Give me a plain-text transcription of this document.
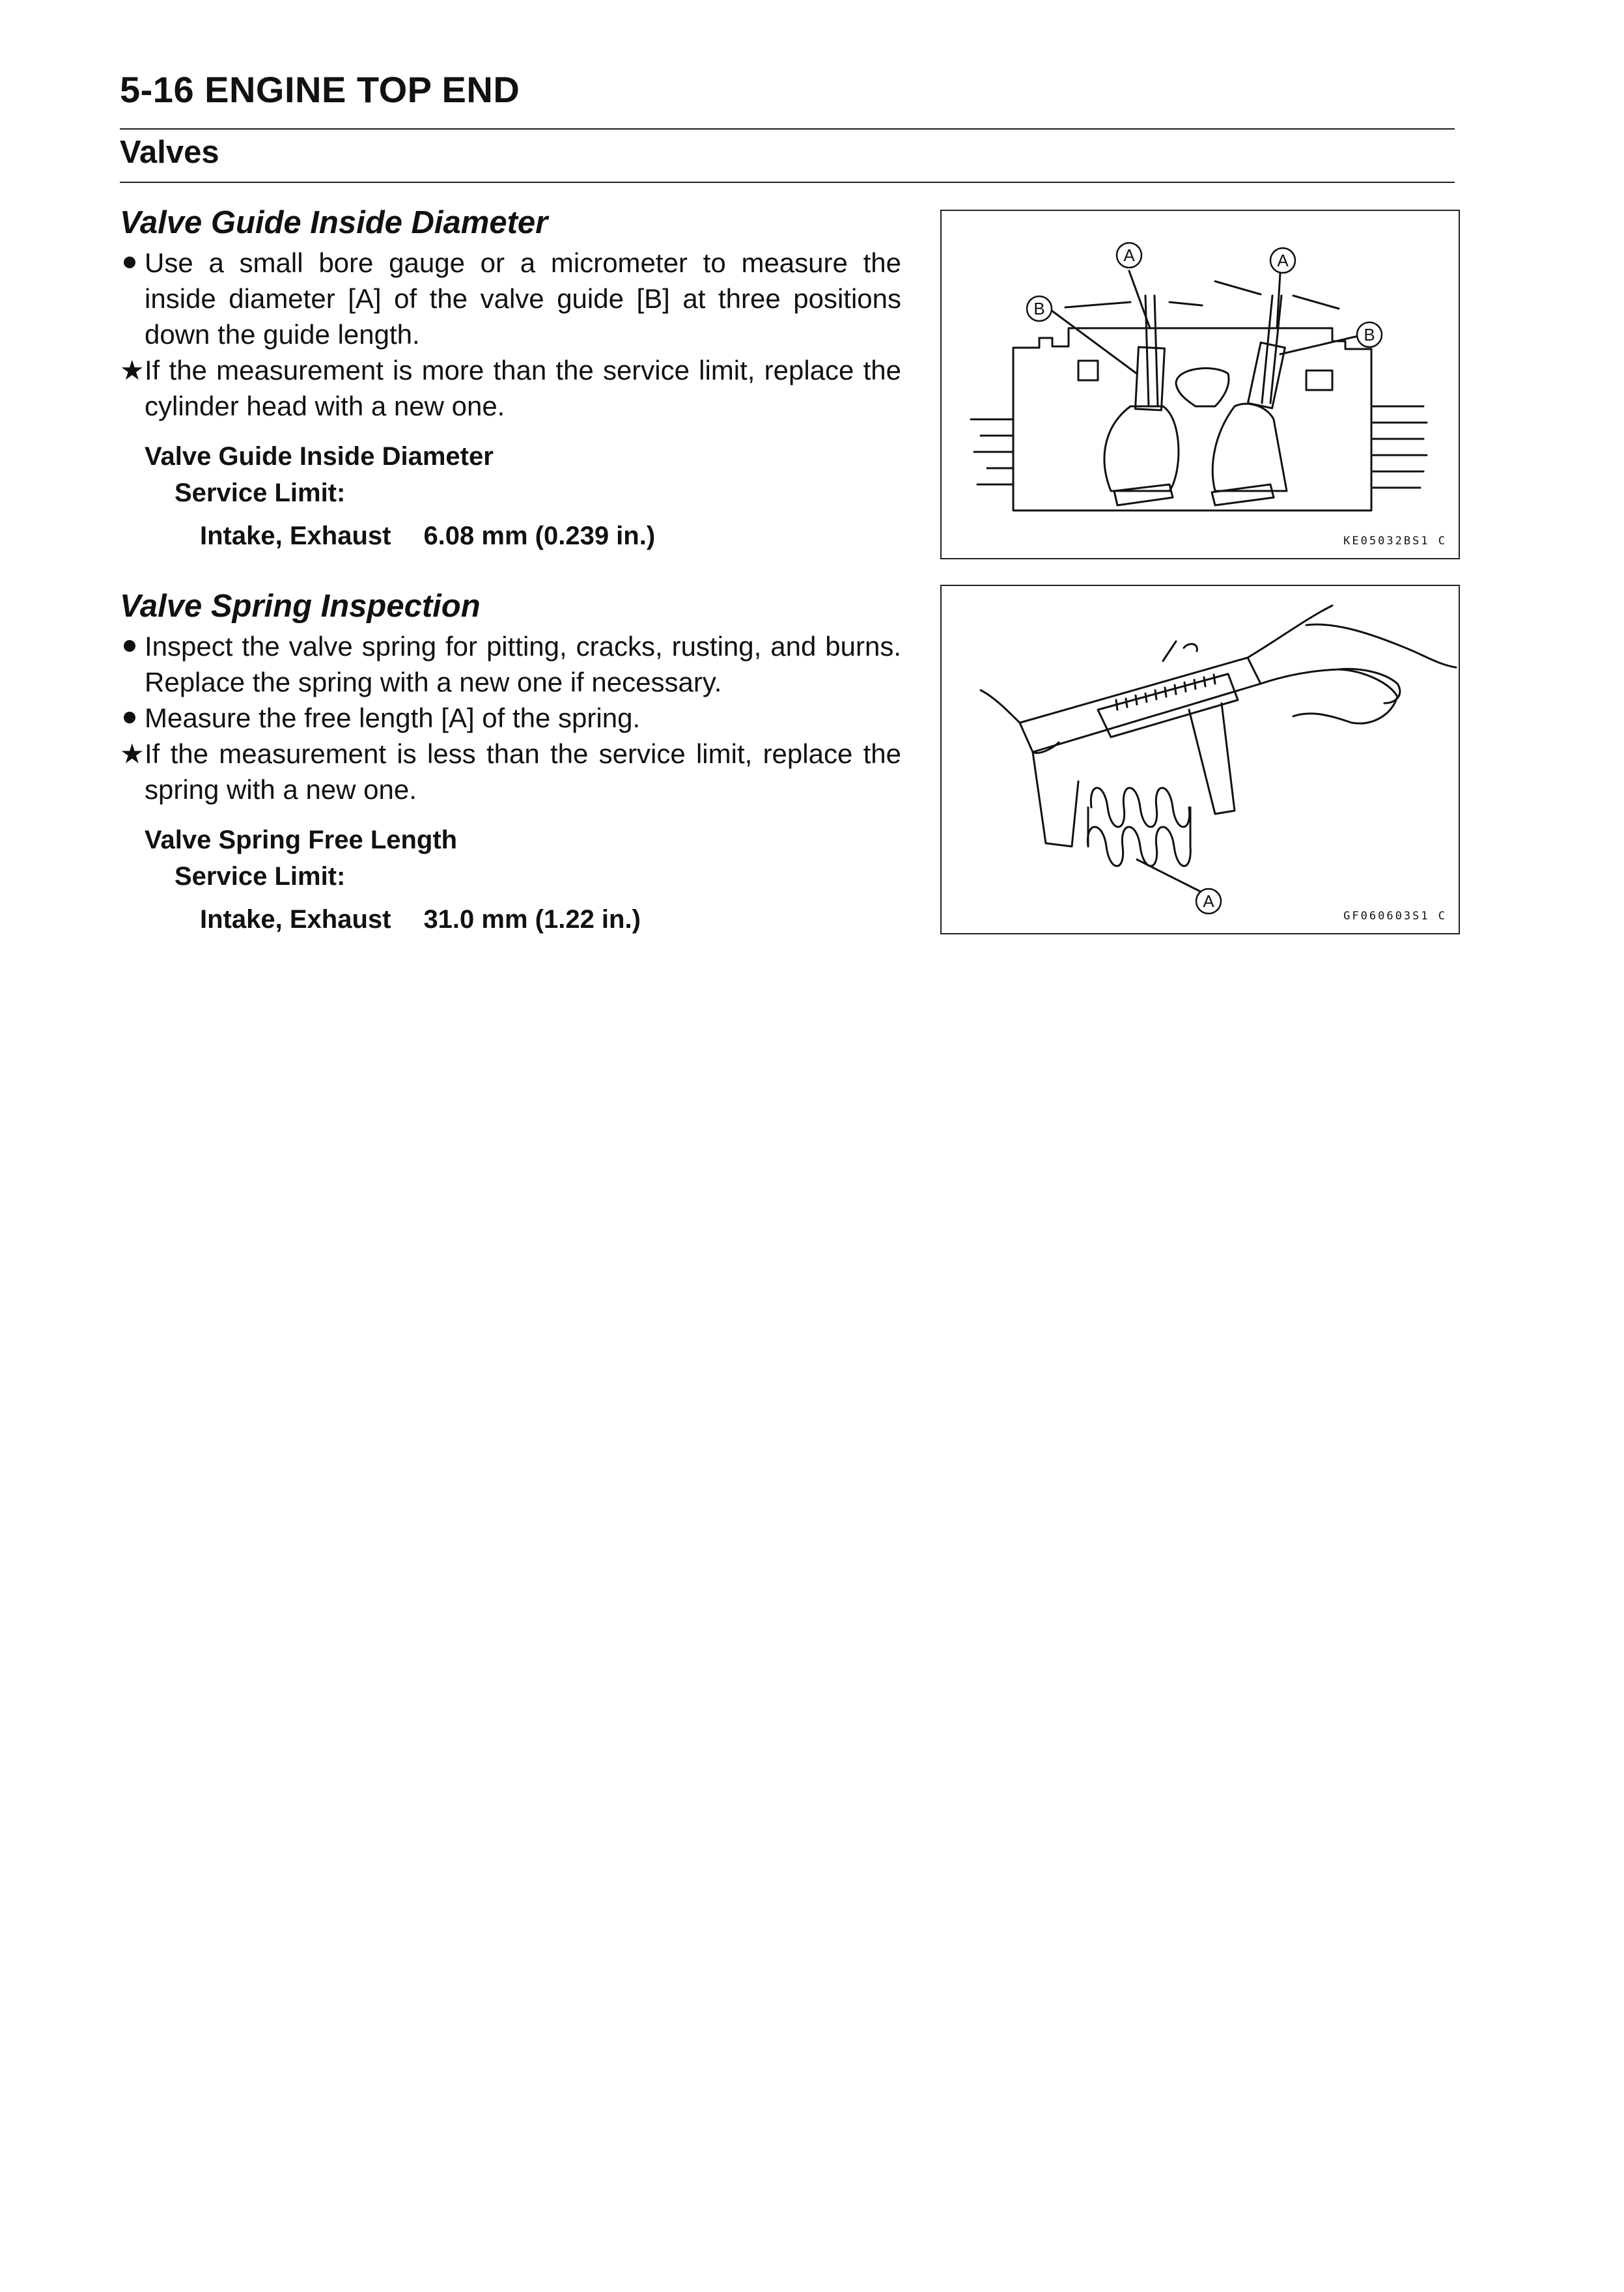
5-16 ENGINE TOP END
Valves
Valve Guide Inside Diameter
Use a small bore gauge or a micrometer to measure the inside diameter [A] of the valve guide [B] at three positions down the guide length.
★ If the measurement is more than the service limit, replace the cylinder head with a new one.
Valve Guide Inside Diameter
Service Limit:
Intake, Exhaust 6.08 mm (0.239 in.)
A	A
B
B
KE05032BS1 C
Valve Spring Inspection
Inspect the valve spring for pitting, cracks, rusting, and burns. Replace the spring with a new one if necessary.
Measure the free length [A] of the spring.
★ If the measurement is less than the service limit, replace the spring with a new one.
Valve Spring Free Length
Service Limit:
Intake, Exhaust 31.0 mm (1.22 in.)
A
GF060603S1 C
